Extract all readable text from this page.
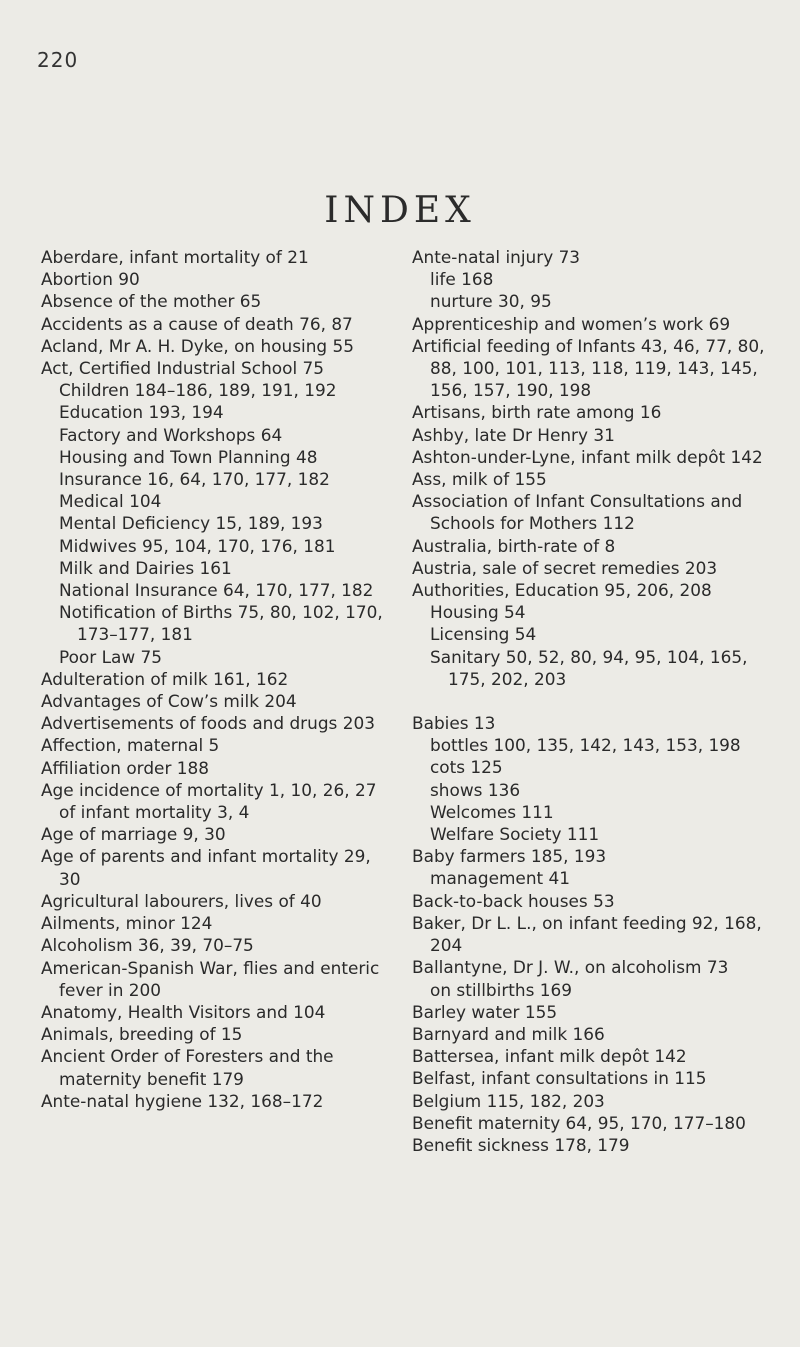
220
INDEX
Aberdare, infant mortality of 21
Abortion 90
Absence of the mother 65
Accidents as a cause of death 76, 87
Acland, Mr A. H. Dyke, on housing 55
Act, Certified Industrial School 75
Children 184–186, 189, 191, 192
Education 193, 194
Factory and Workshops 64
Housing and Town Planning 48
Insurance 16, 64, 170, 177, 182
Medical 104
Mental Deficiency 15, 189, 193
Midwives 95, 104, 170, 176, 181
Milk and Dairies 161
National Insurance 64, 170, 177, 182
Notification of Births 75, 80, 102, 170, 173–177, 181
Poor Law 75
Adulteration of milk 161, 162
Advantages of Cow’s milk 204
Advertisements of foods and drugs 203
Affection, maternal 5
Affiliation order 188
Age incidence of mortality 1, 10, 26, 27
of infant mortality 3, 4
Age of marriage 9, 30
Age of parents and infant mortality 29, 30
Agricultural labourers, lives of 40
Ailments, minor 124
Alcoholism 36, 39, 70–75
American-Spanish War, flies and enteric fever in 200
Anatomy, Health Visitors and 104
Animals, breeding of 15
Ancient Order of Foresters and the maternity benefit 179
Ante-natal hygiene 132, 168–172
Ante-natal injury 73
life 168
nurture 30, 95
Apprenticeship and women’s work 69
Artificial feeding of Infants 43, 46, 77, 80, 88, 100, 101, 113, 118, 119, 143, 145, 156, 157, 190, 198
Artisans, birth rate among 16
Ashby, late Dr Henry 31
Ashton-under-Lyne, infant milk depôt 142
Ass, milk of 155
Association of Infant Consultations and Schools for Mothers 112
Australia, birth-rate of 8
Austria, sale of secret remedies 203
Authorities, Education 95, 206, 208
Housing 54
Licensing 54
Sanitary 50, 52, 80, 94, 95, 104, 165, 175, 202, 203
Babies 13
bottles 100, 135, 142, 143, 153, 198
cots 125
shows 136
Welcomes 111
Welfare Society 111
Baby farmers 185, 193
management 41
Back-to-back houses 53
Baker, Dr L. L., on infant feeding 92, 168, 204
Ballantyne, Dr J. W., on alcoholism 73
on stillbirths 169
Barley water 155
Barnyard and milk 166
Battersea, infant milk depôt 142
Belfast, infant consultations in 115
Belgium 115, 182, 203
Benefit maternity 64, 95, 170, 177–180
Benefit sickness 178, 179
